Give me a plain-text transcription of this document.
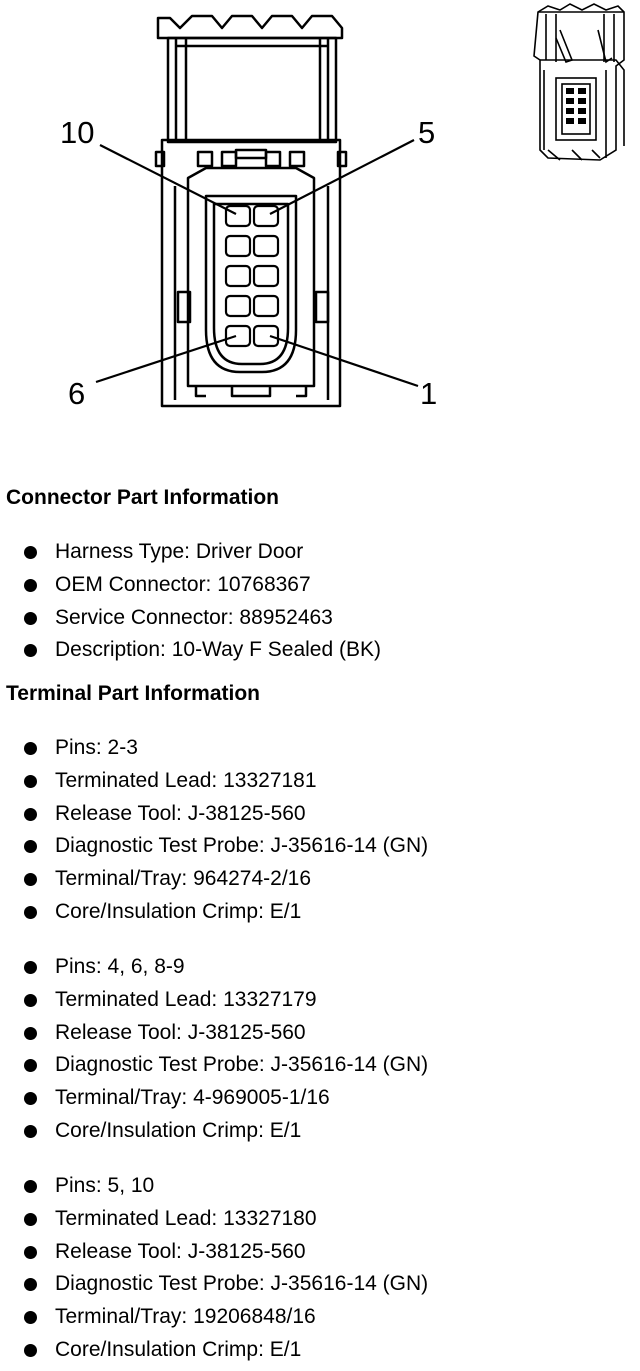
10	5
6	1
Connector Part Information
Harness Type: Driver Door
OEM Connector: 10768367
Service Connector: 88952463
Description: 10-Way F Sealed (BK)
Terminal Part Information
Pins: 2-3
Terminated Lead: 13327181
Release Tool: J-38125-560
Diagnostic Test Probe: J-35616-14 (GN)
Terminal/Tray: 964274-2/16
Core/Insulation Crimp: E/1
Pins: 4, 6, 8-9
Terminated Lead: 13327179
Release Tool: J-38125-560
Diagnostic Test Probe: J-35616-14 (GN)
Terminal/Tray: 4-969005-1/16
Core/Insulation Crimp: E/1
Pins: 5, 10
Terminated Lead: 13327180
Release Tool: J-38125-560
Diagnostic Test Probe: J-35616-14 (GN)
Terminal/Tray: 19206848/16
Core/Insulation Crimp: E/1
